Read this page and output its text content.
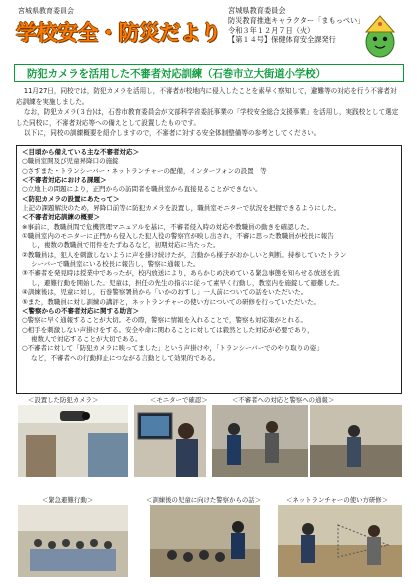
宮城県教育委員会
学校安全・防災だより
宮城県教育委員会
防災教育推進キャラクター「まもっぺい」
令和３年１２月７日（火）
【第１４号】保健体育安全課発行
防犯カメラを活用した不審者対応訓練（石巻市立大街道小学校）

11月27日，同校では，防犯カメラを活用し，不審者が校地内に侵入したことを素早く察知して，避難等の対応を行う不審者対応訓練を実施しました。

なお，防犯カメラ(３台)は，石巻市教育委員会が文部科学省委託事業の「学校安全総合支援事業」を活用し，実践校として選定した同校に，不審者対応等への備えとして設置したものです。

以下に，同校の訓練概要を紹介しますので，不審者に対する安全体制整備等の参考としてください。

＜目頃から備えている主な不審者対応＞
○職員室開及び児童昇降口の施錠
○さすまた・トランシーバー・ネットランチャーの配備，インターフォンの設置　等
＜不審者対応における課題＞
○立地上の問題により，正門からの訪問者を職員室から直接見ることができない。
＜防犯カメラの設置にあたって＞
上記の課題解決のため，昇降口前等に防犯カメラを設置し，職員室モニターで状況を把握できるようにした。
＜不審者対応訓練の概要＞
※事前に，教職員間で危機管理マニュアルを基に，不審者侵入時の対応や教職員の動きを確認した。
①職員室内のモニターに正門から侵入した犯人役の警察官が映し出され，不審に思った教職員が校長に報告
し，複数の教職員で用件をたずねるなど，初期対応に当たった。
②教職員は，犯人を刺激しないように声を掛け続けたが，言動から様子がおかしいと判断。持参していたトラン
シーバーで職員室にいる校長に報告し，警察に通報した。
③不審者を発見時は授業中であったが，校内放送により，あらかじめ決めている緊急事態を知らせる放送を流
し，避難行動を開始した。児童は，担任の先生の指示に従って素早く行動し，教室内を施錠して避難した。
④訓練後は，児童に対し，石巻警察署員から「いかのおすし」一人前についての話をいただいた。
⑤また，教職員に対し訓練の講評と，ネットランチャーの使い方についての研修を行っていただいた。
＜警察からの不審者対応に関する助言＞
○警察に早く通報することが大切。その際，警察に情報を入れることで，警察も対応策がとれる。
○相手を刺激しない声掛けをする。安全や命に関わることに対しては毅然とした対応が必要であり，
複数人で対応することが大切である。
○不審者に対して「防犯カメラに映ってました」という声掛けや，「トランシーバーでのやり取りの姿」
など，不審者への行動抑止につながる言動として効果的である。
＜設置した防犯カメラ＞	＜モニターで確認＞	＜不審者への対応と警察への通報＞
＜緊急避難行動＞	＜訓練後の児童に向けた警察からの話＞	＜ネットランチャーの使い方研修＞
